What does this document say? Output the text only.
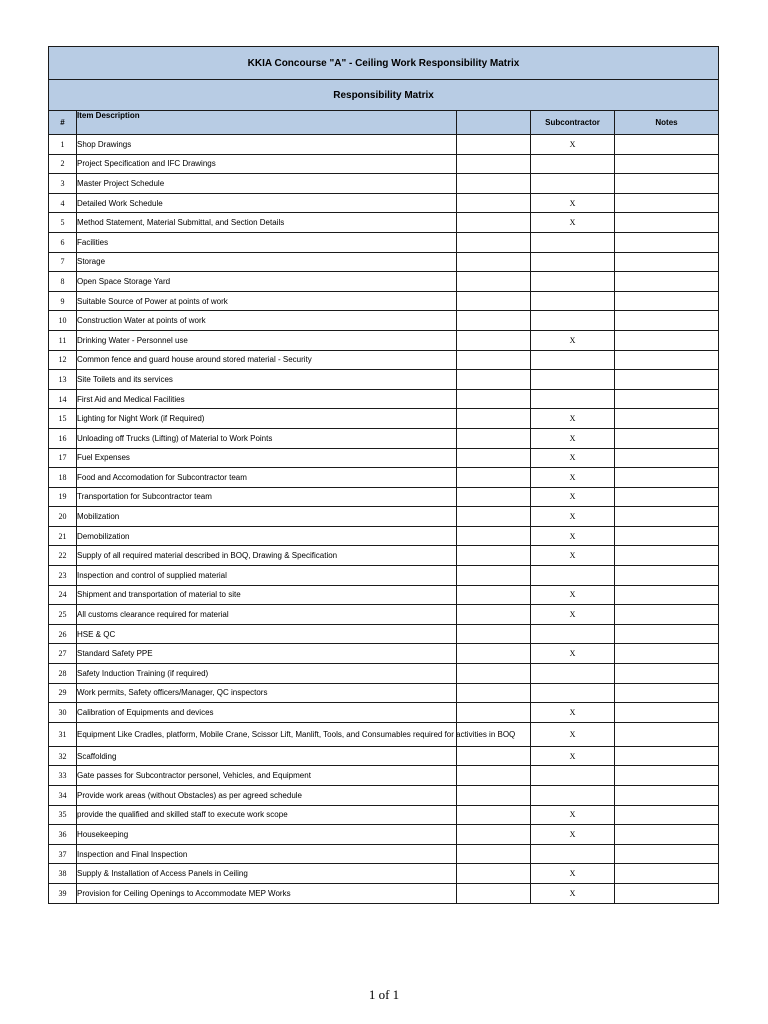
KKIA Concourse "A" - Ceiling Work Responsibility Matrix				
Responsibility Matrix				
#	Item Description		Subcontractor	Notes
1	Shop Drawings		X	
2	Project Specification and IFC Drawings			
3	Master Project Schedule			
4	Detailed Work Schedule		X	
5	Method Statement, Material Submittal, and Section Details		X	
6	Facilities			
7	Storage			
8	Open Space Storage Yard			
9	Suitable Source of Power at points of work			
10	Construction Water at points of work			
11	Drinking Water - Personnel use		X	
12	Common fence and guard house around stored material - Security			
13	Site Toilets and its services			
14	First Aid and Medical Facilities			
15	Lighting for Night Work (if Required)		X	
16	Unloading off Trucks (Lifting) of Material to Work Points		X	
17	Fuel Expenses		X	
18	Food and Accomodation for Subcontractor team		X	
19	Transportation for Subcontractor team		X	
20	Mobilization		X	
21	Demobilization		X	
22	Supply of all required material described in BOQ, Drawing & Specification		X	
23	Inspection and control of supplied material			
24	Shipment and transportation of material to site		X	
25	All customs clearance required for material		X	
26	HSE & QC			
27	Standard Safety PPE		X	
28	Safety Induction Training (if required)			
29	Work permits, Safety officers/Manager, QC inspectors			
30	Calibration of Equipments and devices		X	
31	Equipment Like Cradles, platform, Mobile Crane, Scissor Lift, Manlift, Tools, and Consumables required for activities in BOQ		X	
32	Scaffolding		X	
33	Gate passes for Subcontractor personel, Vehicles, and Equipment			
34	Provide work areas (without Obstacles) as per agreed schedule			
35	provide the qualified and skilled staff to execute work scope		X	
36	Housekeeping		X	
37	Inspection and Final Inspection			
38	Supply & Installation of Access Panels in Ceiling		X	
39	Provision for Ceiling Openings to Accommodate MEP Works		X	
1 of 1
